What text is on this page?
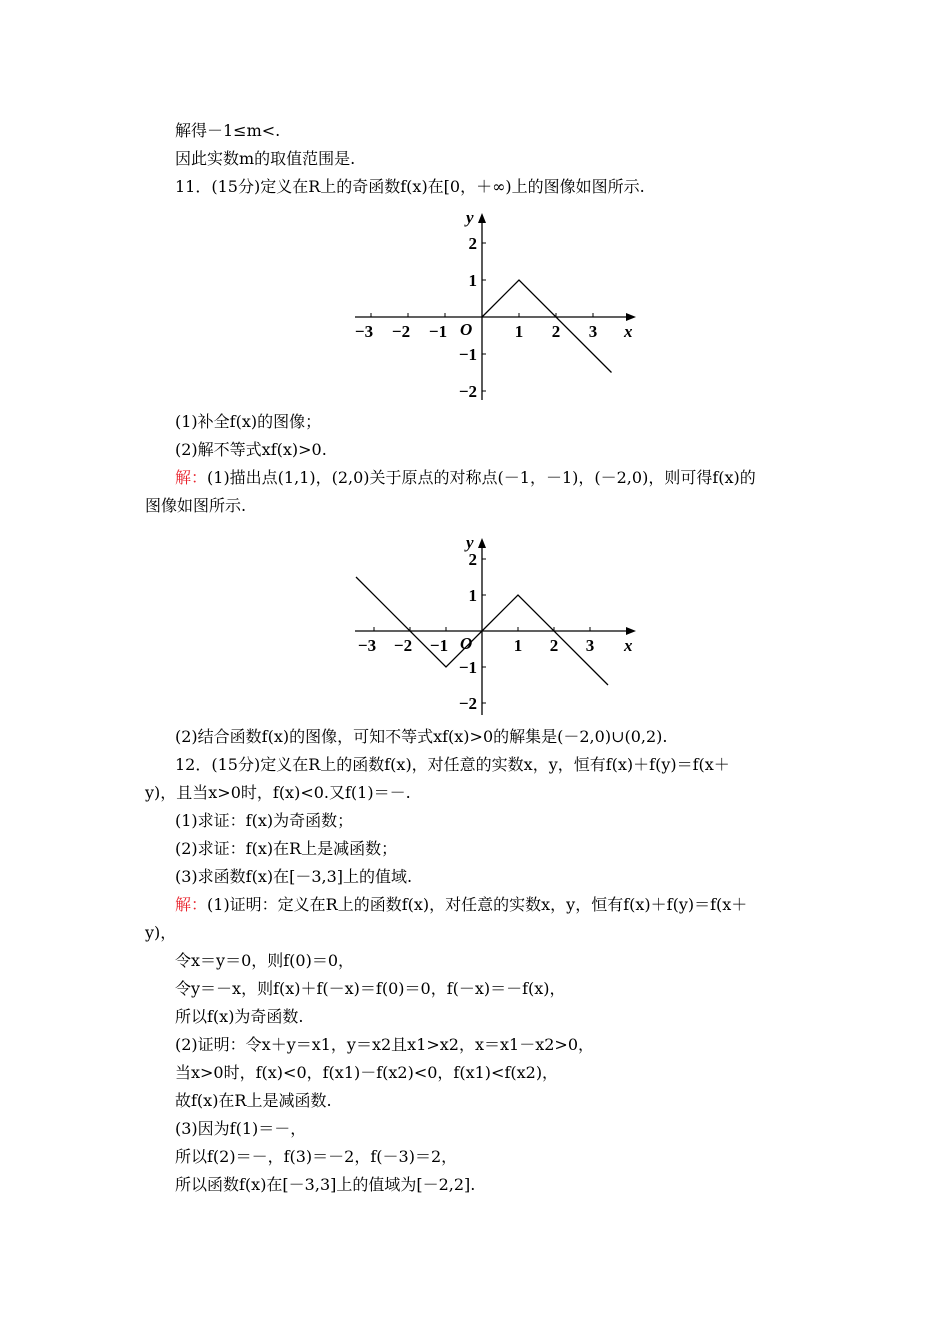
解得－1≤m<.
因此实数m的取值范围是.
11．(15分)定义在R上的奇函数f(x)在[0，＋∞)上的图像如图所示.
−3 −2 −1	1 2 3
2
1
−1
−2
x
y
O
(1)补全f(x)的图像；
(2)解不等式xf(x)>0.
解：(1)描出点(1,1)，(2,0)关于原点的对称点(－1，－1)，(－2,0)，则可得f(x)的
图像如图所示.
−3 −2 −1	1 2 3
2
1
−1
−2
x
y
O
(2)结合函数f(x)的图像，可知不等式xf(x)>0的解集是(－2,0)∪(0,2).
12．(15分)定义在R上的函数f(x)，对任意的实数x，y，恒有f(x)＋f(y)＝f(x＋
y)，且当x>0时，f(x)<0.又f(1)＝－.
(1)求证：f(x)为奇函数；
(2)求证：f(x)在R上是减函数；
(3)求函数f(x)在[－3,3]上的值域.
解：(1)证明：定义在R上的函数f(x)，对任意的实数x，y，恒有f(x)＋f(y)＝f(x＋
y)，
令x＝y＝0，则f(0)＝0，
令y＝－x，则f(x)＋f(－x)＝f(0)＝0，f(－x)＝－f(x)，
所以f(x)为奇函数.
(2)证明：令x＋y＝x1，y＝x2且x1>x2，x＝x1－x2>0，
当x>0时，f(x)<0，f(x1)－f(x2)<0，f(x1)<f(x2)，
故f(x)在R上是减函数.
(3)因为f(1)＝－，
所以f(2)＝－，f(3)＝－2，f(－3)＝2，
所以函数f(x)在[－3,3]上的值域为[－2,2].
